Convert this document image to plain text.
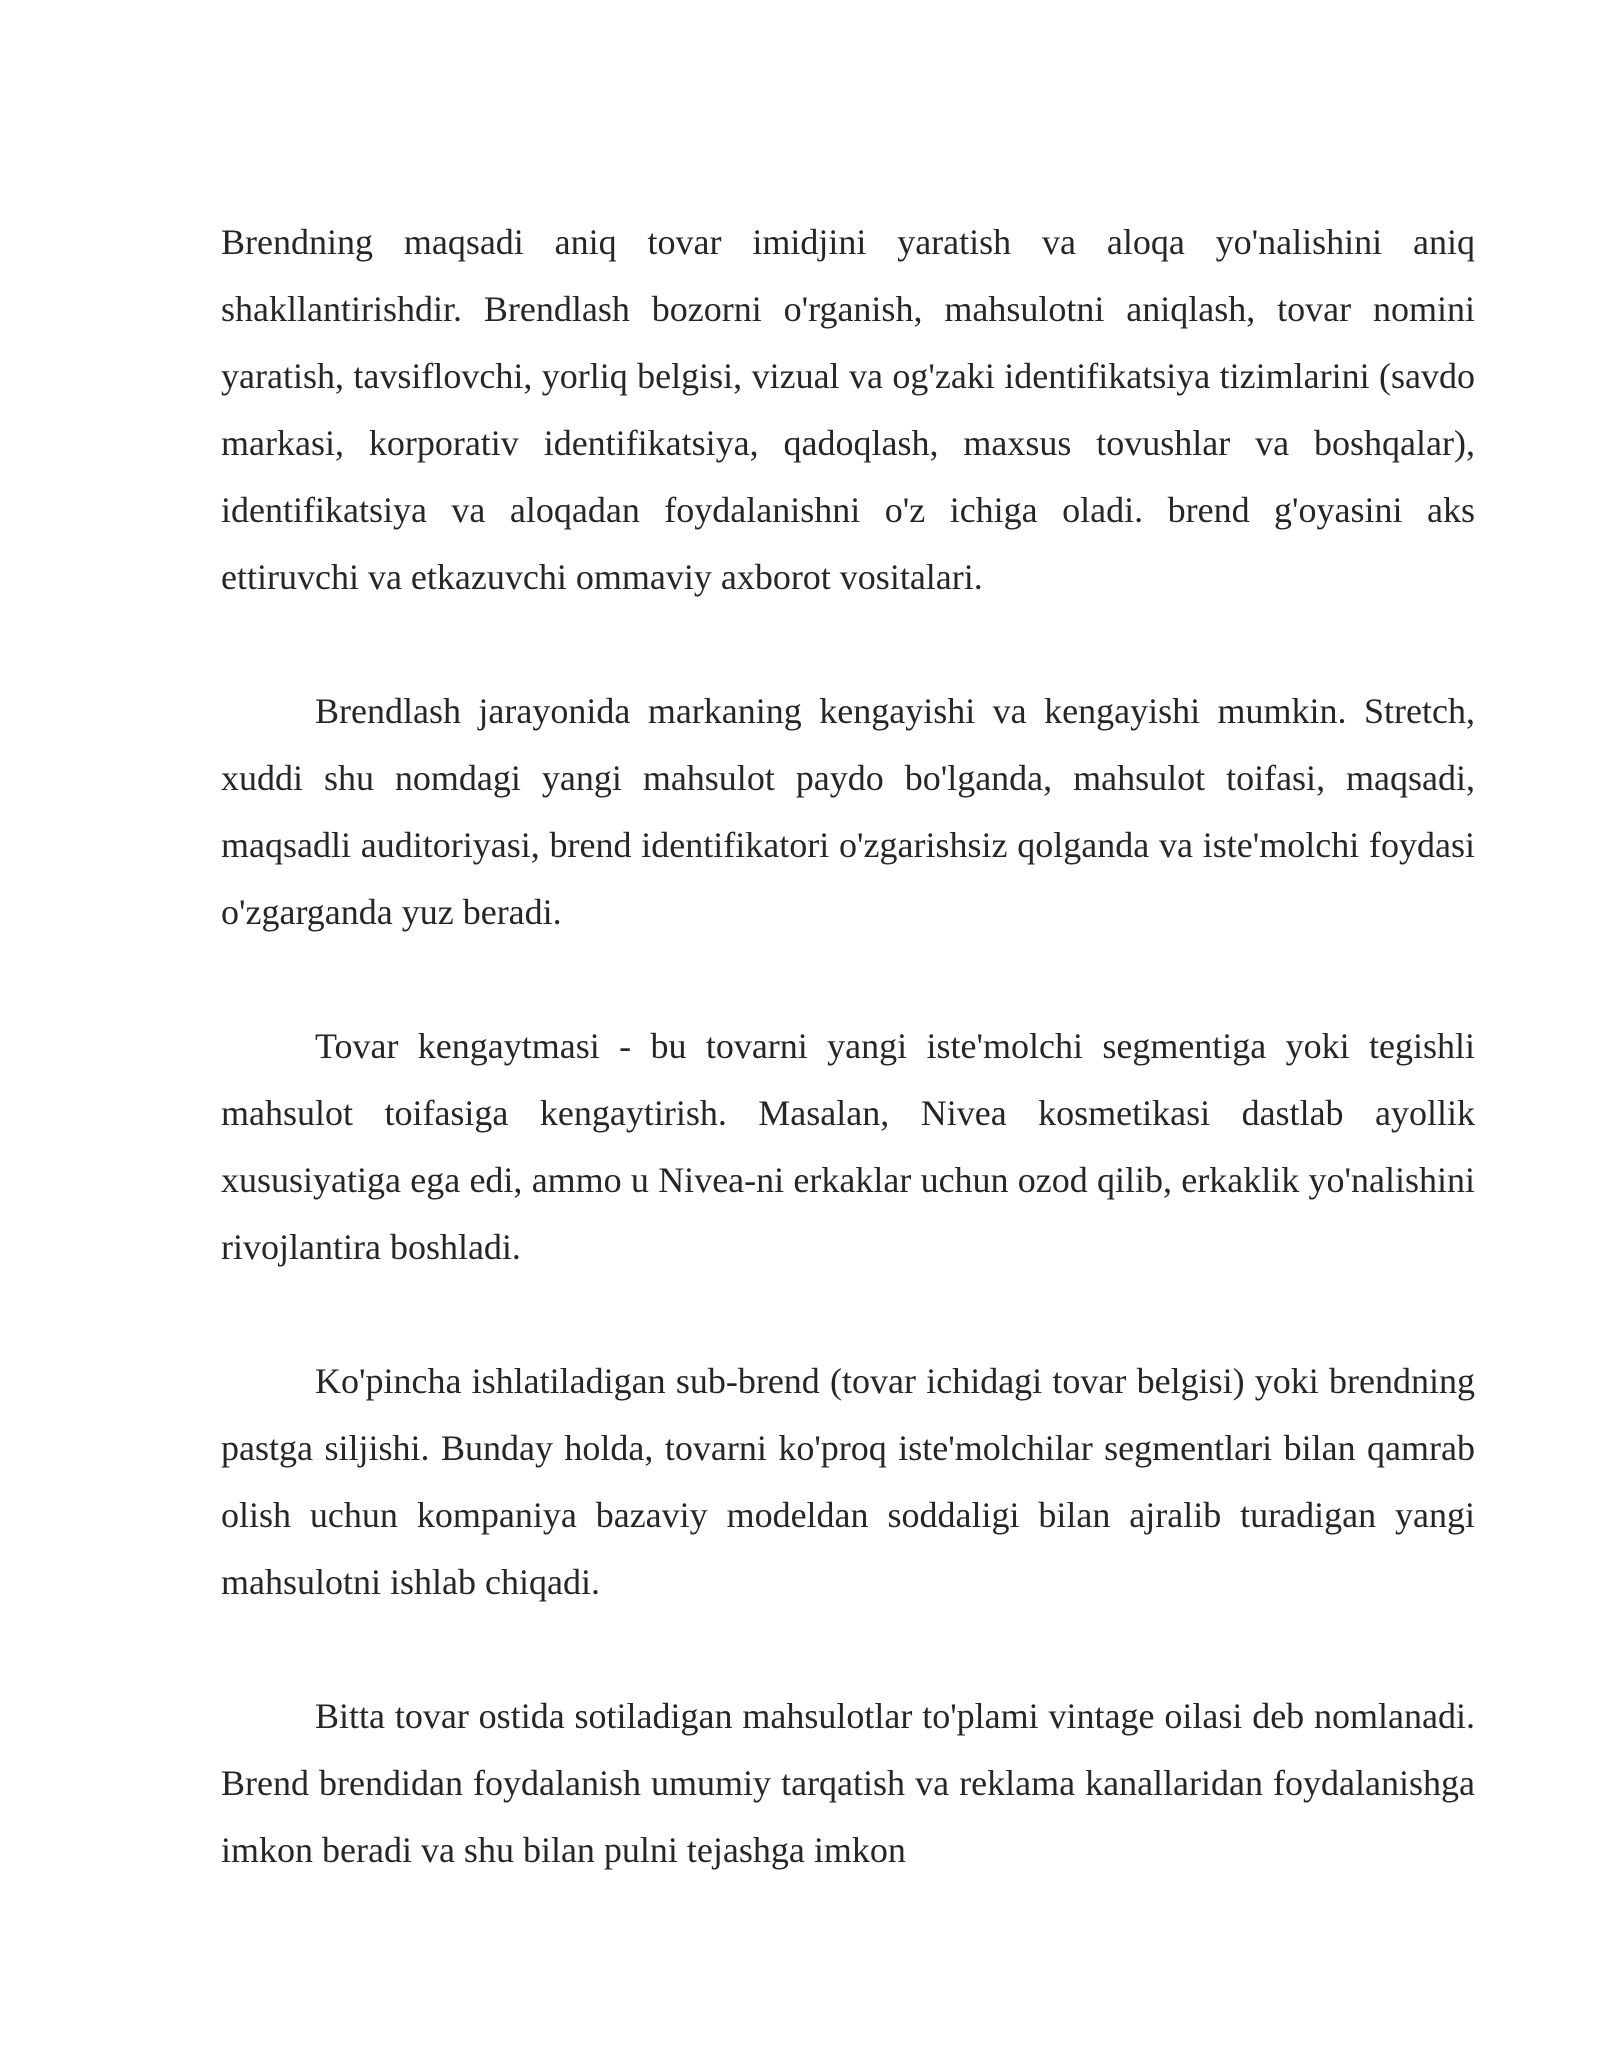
Brendning maqsadi aniq tovar imidjini yaratish va aloqa yo'nalishini aniq shakllantirishdir. Brendlash bozorni o'rganish, mahsulotni aniqlash, tovar nomini yaratish, tavsiflovchi, yorliq belgisi, vizual va og'zaki identifikatsiya tizimlarini (savdo markasi, korporativ identifikatsiya, qadoqlash, maxsus tovushlar va boshqalar), identifikatsiya va aloqadan foydalanishni o'z ichiga oladi. brend g'oyasini aks ettiruvchi va etkazuvchi ommaviy axborot vositalari.

Brendlash jarayonida markaning kengayishi va kengayishi mumkin. Stretch, xuddi shu nomdagi yangi mahsulot paydo bo'lganda, mahsulot toifasi, maqsadi, maqsadli auditoriyasi, brend identifikatori o'zgarishsiz qolganda va iste'molchi foydasi o'zgarganda yuz beradi.

Tovar kengaytmasi - bu tovarni yangi iste'molchi segmentiga yoki tegishli mahsulot toifasiga kengaytirish. Masalan, Nivea kosmetikasi dastlab ayollik xususiyatiga ega edi, ammo u Nivea-ni erkaklar uchun ozod qilib, erkaklik yo'nalishini rivojlantira boshladi.

Ko'pincha ishlatiladigan sub-brend (tovar ichidagi tovar belgisi) yoki brendning pastga siljishi. Bunday holda, tovarni ko'proq iste'molchilar segmentlari bilan qamrab olish uchun kompaniya bazaviy modeldan soddaligi bilan ajralib turadigan yangi mahsulotni ishlab chiqadi.

Bitta tovar ostida sotiladigan mahsulotlar to'plami vintage oilasi deb nomlanadi. Brend brendidan foydalanish umumiy tarqatish va reklama kanallaridan foydalanishga imkon beradi va shu bilan pulni tejashga imkon
